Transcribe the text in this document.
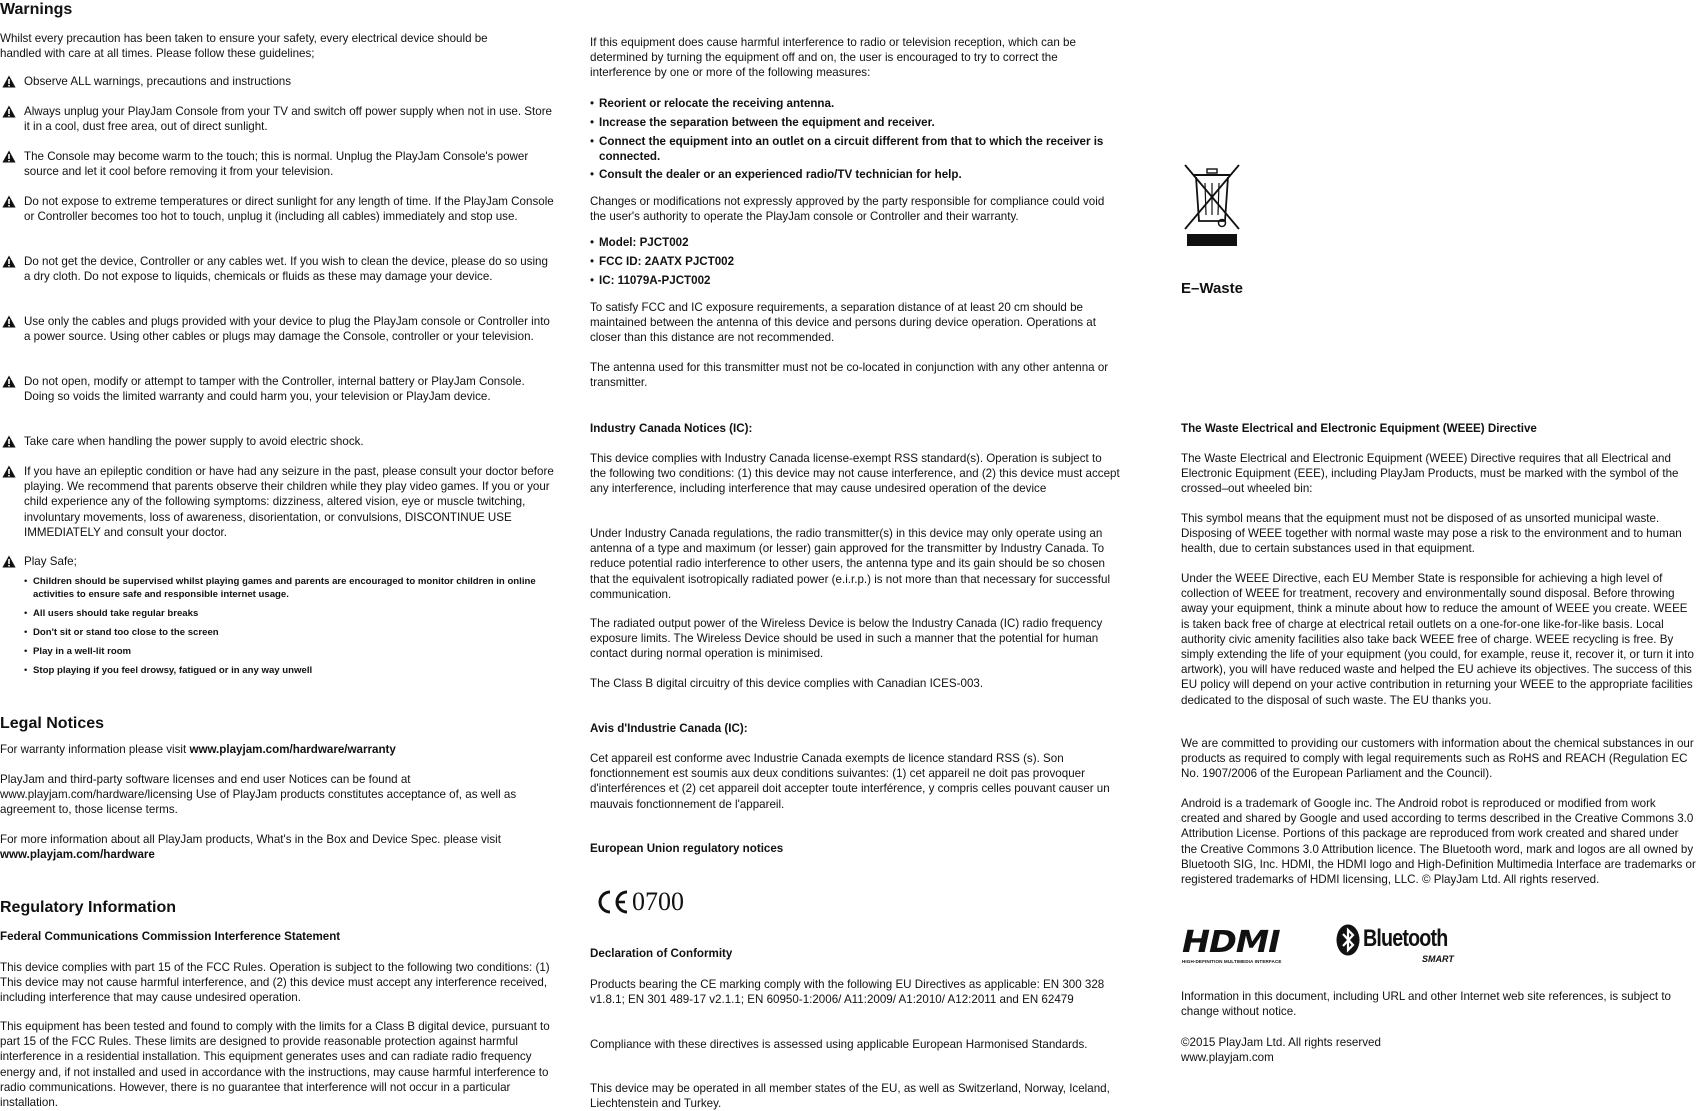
Warnings
Whilst every precaution has been taken to ensure your safety, every electrical device should be handled with care at all times. Please follow these guidelines;
Observe ALL warnings, precautions and instructions
Always unplug your PlayJam Console from your TV and switch off power supply when not in use. Store it in a cool, dust free area, out of direct sunlight.
The Console may become warm to the touch; this is normal. Unplug the PlayJam Console's power source and let it cool before removing it from your television.
Do not expose to extreme temperatures or direct sunlight for any length of time. If the PlayJam Console or Controller becomes too hot to touch, unplug it (including all cables) immediately and stop use.
Do not get the device, Controller or any cables wet. If you wish to clean the device, please do so using a dry cloth. Do not expose to liquids, chemicals or fluids as these may damage your device.
Use only the cables and plugs provided with your device to plug the PlayJam console or Controller into a power source. Using other cables or plugs may damage the Console, controller or your television.
Do not open, modify or attempt to tamper with the Controller, internal battery or PlayJam Console. Doing so voids the limited warranty and could harm you, your television or PlayJam device.
Take care when handling the power supply to avoid electric shock.
If you have an epileptic condition or have had any seizure in the past, please consult your doctor before playing. We recommend that parents observe their children while they play video games. If you or your child experience any of the following symptoms: dizziness, altered vision, eye or muscle twitching, involuntary movements, loss of awareness, disorientation, or convulsions, DISCONTINUE USE IMMEDIATELY and consult your doctor.
Play Safe;
• Children should be supervised whilst playing games and parents are encouraged to monitor children in online activities to ensure safe and responsible internet usage.
• All users should take regular breaks
• Don't sit or stand too close to the screen
• Play in a well-lit room
• Stop playing if you feel drowsy, fatigued or in any way unwell
Legal Notices
For warranty information please visit www.playjam.com/hardware/warranty
PlayJam and third-party software licenses and end user Notices can be found at www.playjam.com/hardware/licensing Use of PlayJam products constitutes acceptance of, as well as agreement to, those license terms.
For more information about all PlayJam products, What's in the Box and Device Spec. please visit www.playjam.com/hardware
Regulatory Information
Federal Communications Commission Interference Statement
This device complies with part 15 of the FCC Rules. Operation is subject to the following two conditions: (1) This device may not cause harmful interference, and (2) this device must accept any interference received, including interference that may cause undesired operation.
This equipment has been tested and found to comply with the limits for a Class B digital device, pursuant to part 15 of the FCC Rules. These limits are designed to provide reasonable protection against harmful interference in a residential installation. This equipment generates uses and can radiate radio frequency energy and, if not installed and used in accordance with the instructions, may cause harmful interference to radio communications. However, there is no guarantee that interference will not occur in a particular installation.
If this equipment does cause harmful interference to radio or television reception, which can be determined by turning the equipment off and on, the user is encouraged to try to correct the interference by one or more of the following measures:
• Reorient or relocate the receiving antenna.
• Increase the separation between the equipment and receiver.
• Connect the equipment into an outlet on a circuit different from that to which the receiver is connected.
• Consult the dealer or an experienced radio/TV technician for help.
Changes or modifications not expressly approved by the party responsible for compliance could void the user's authority to operate the PlayJam console or Controller and their warranty.
• Model: PJCT002
• FCC ID: 2AATX PJCT002
• IC: 11079A-PJCT002
To satisfy FCC and IC exposure requirements, a separation distance of at least 20 cm should be maintained between the antenna of this device and persons during device operation. Operations at closer than this distance are not recommended.
The antenna used for this transmitter must not be co-located in conjunction with any other antenna or transmitter.
Industry Canada Notices (IC):
This device complies with Industry Canada license-exempt RSS standard(s). Operation is subject to the following two conditions: (1) this device may not cause interference, and (2) this device must accept any interference, including interference that may cause undesired operation of the device
Under Industry Canada regulations, the radio transmitter(s) in this device may only operate using an antenna of a type and maximum (or lesser) gain approved for the transmitter by Industry Canada. To reduce potential radio interference to other users, the antenna type and its gain should be so chosen that the equivalent isotropically radiated power (e.i.r.p.) is not more than that necessary for successful communication.
The radiated output power of the Wireless Device is below the Industry Canada (IC) radio frequency exposure limits. The Wireless Device should be used in such a manner that the potential for human contact during normal operation is minimised.
The Class B digital circuitry of this device complies with Canadian ICES-003.
Avis d'Industrie Canada (IC):
Cet appareil est conforme avec Industrie Canada exempts de licence standard RSS (s). Son fonctionnement est soumis aux deux conditions suivantes: (1) cet appareil ne doit pas provoquer d'interférences et (2) cet appareil doit accepter toute interférence, y compris celles pouvant causer un mauvais fonctionnement de l'appareil.
European Union regulatory notices
0700
Declaration of Conformity
Products bearing the CE marking comply with the following EU Directives as applicable: EN 300 328 v1.8.1; EN 301 489-17 v2.1.1; EN 60950-1:2006/ A11:2009/ A1:2010/ A12:2011 and EN 62479
Compliance with these directives is assessed using applicable European Harmonised Standards.
This device may be operated in all member states of the EU, as well as Switzerland, Norway, Iceland, Liechtenstein and Turkey.
E–Waste
The Waste Electrical and Electronic Equipment (WEEE) Directive
The Waste Electrical and Electronic Equipment (WEEE) Directive requires that all Electrical and Electronic Equipment (EEE), including PlayJam Products, must be marked with the symbol of the crossed–out wheeled bin:
This symbol means that the equipment must not be disposed of as unsorted municipal waste. Disposing of WEEE together with normal waste may pose a risk to the environment and to human health, due to certain substances used in that equipment.
Under the WEEE Directive, each EU Member State is responsible for achieving a high level of collection of WEEE for treatment, recovery and environmentally sound disposal. Before throwing away your equipment, think a minute about how to reduce the amount of WEEE you create. WEEE is taken back free of charge at electrical retail outlets on a one-for-one like-for-like basis. Local authority civic amenity facilities also take back WEEE free of charge. WEEE recycling is free. By simply extending the life of your equipment (you could, for example, reuse it, recover it, or turn it into artwork), you will have reduced waste and helped the EU achieve its objectives. The success of this EU policy will depend on your active contribution in returning your WEEE to the appropriate facilities dedicated to the disposal of such waste. The EU thanks you.
We are committed to providing our customers with information about the chemical substances in our products as required to comply with legal requirements such as RoHS and REACH (Regulation EC No. 1907/2006 of the European Parliament and the Council).
Android is a trademark of Google inc. The Android robot is reproduced or modified from work created and shared by Google and used according to terms described in the Creative Commons 3.0 Attribution License. Portions of this package are reproduced from work created and shared under the Creative Commons 3.0 Attribution licence. The Bluetooth word, mark and logos are all owned by Bluetooth SIG, Inc. HDMI, the HDMI logo and High-Definition Multimedia Interface are trademarks or registered trademarks of HDMI licensing, LLC. © PlayJam Ltd. All rights reserved.
HDMI
HIGH-DEFINITION MULTIMEDIA INTERFACE
Bluetooth
SMART
Information in this document, including URL and other Internet web site references, is subject to change without notice.
©2015 PlayJam Ltd. All rights reserved
www.playjam.com
